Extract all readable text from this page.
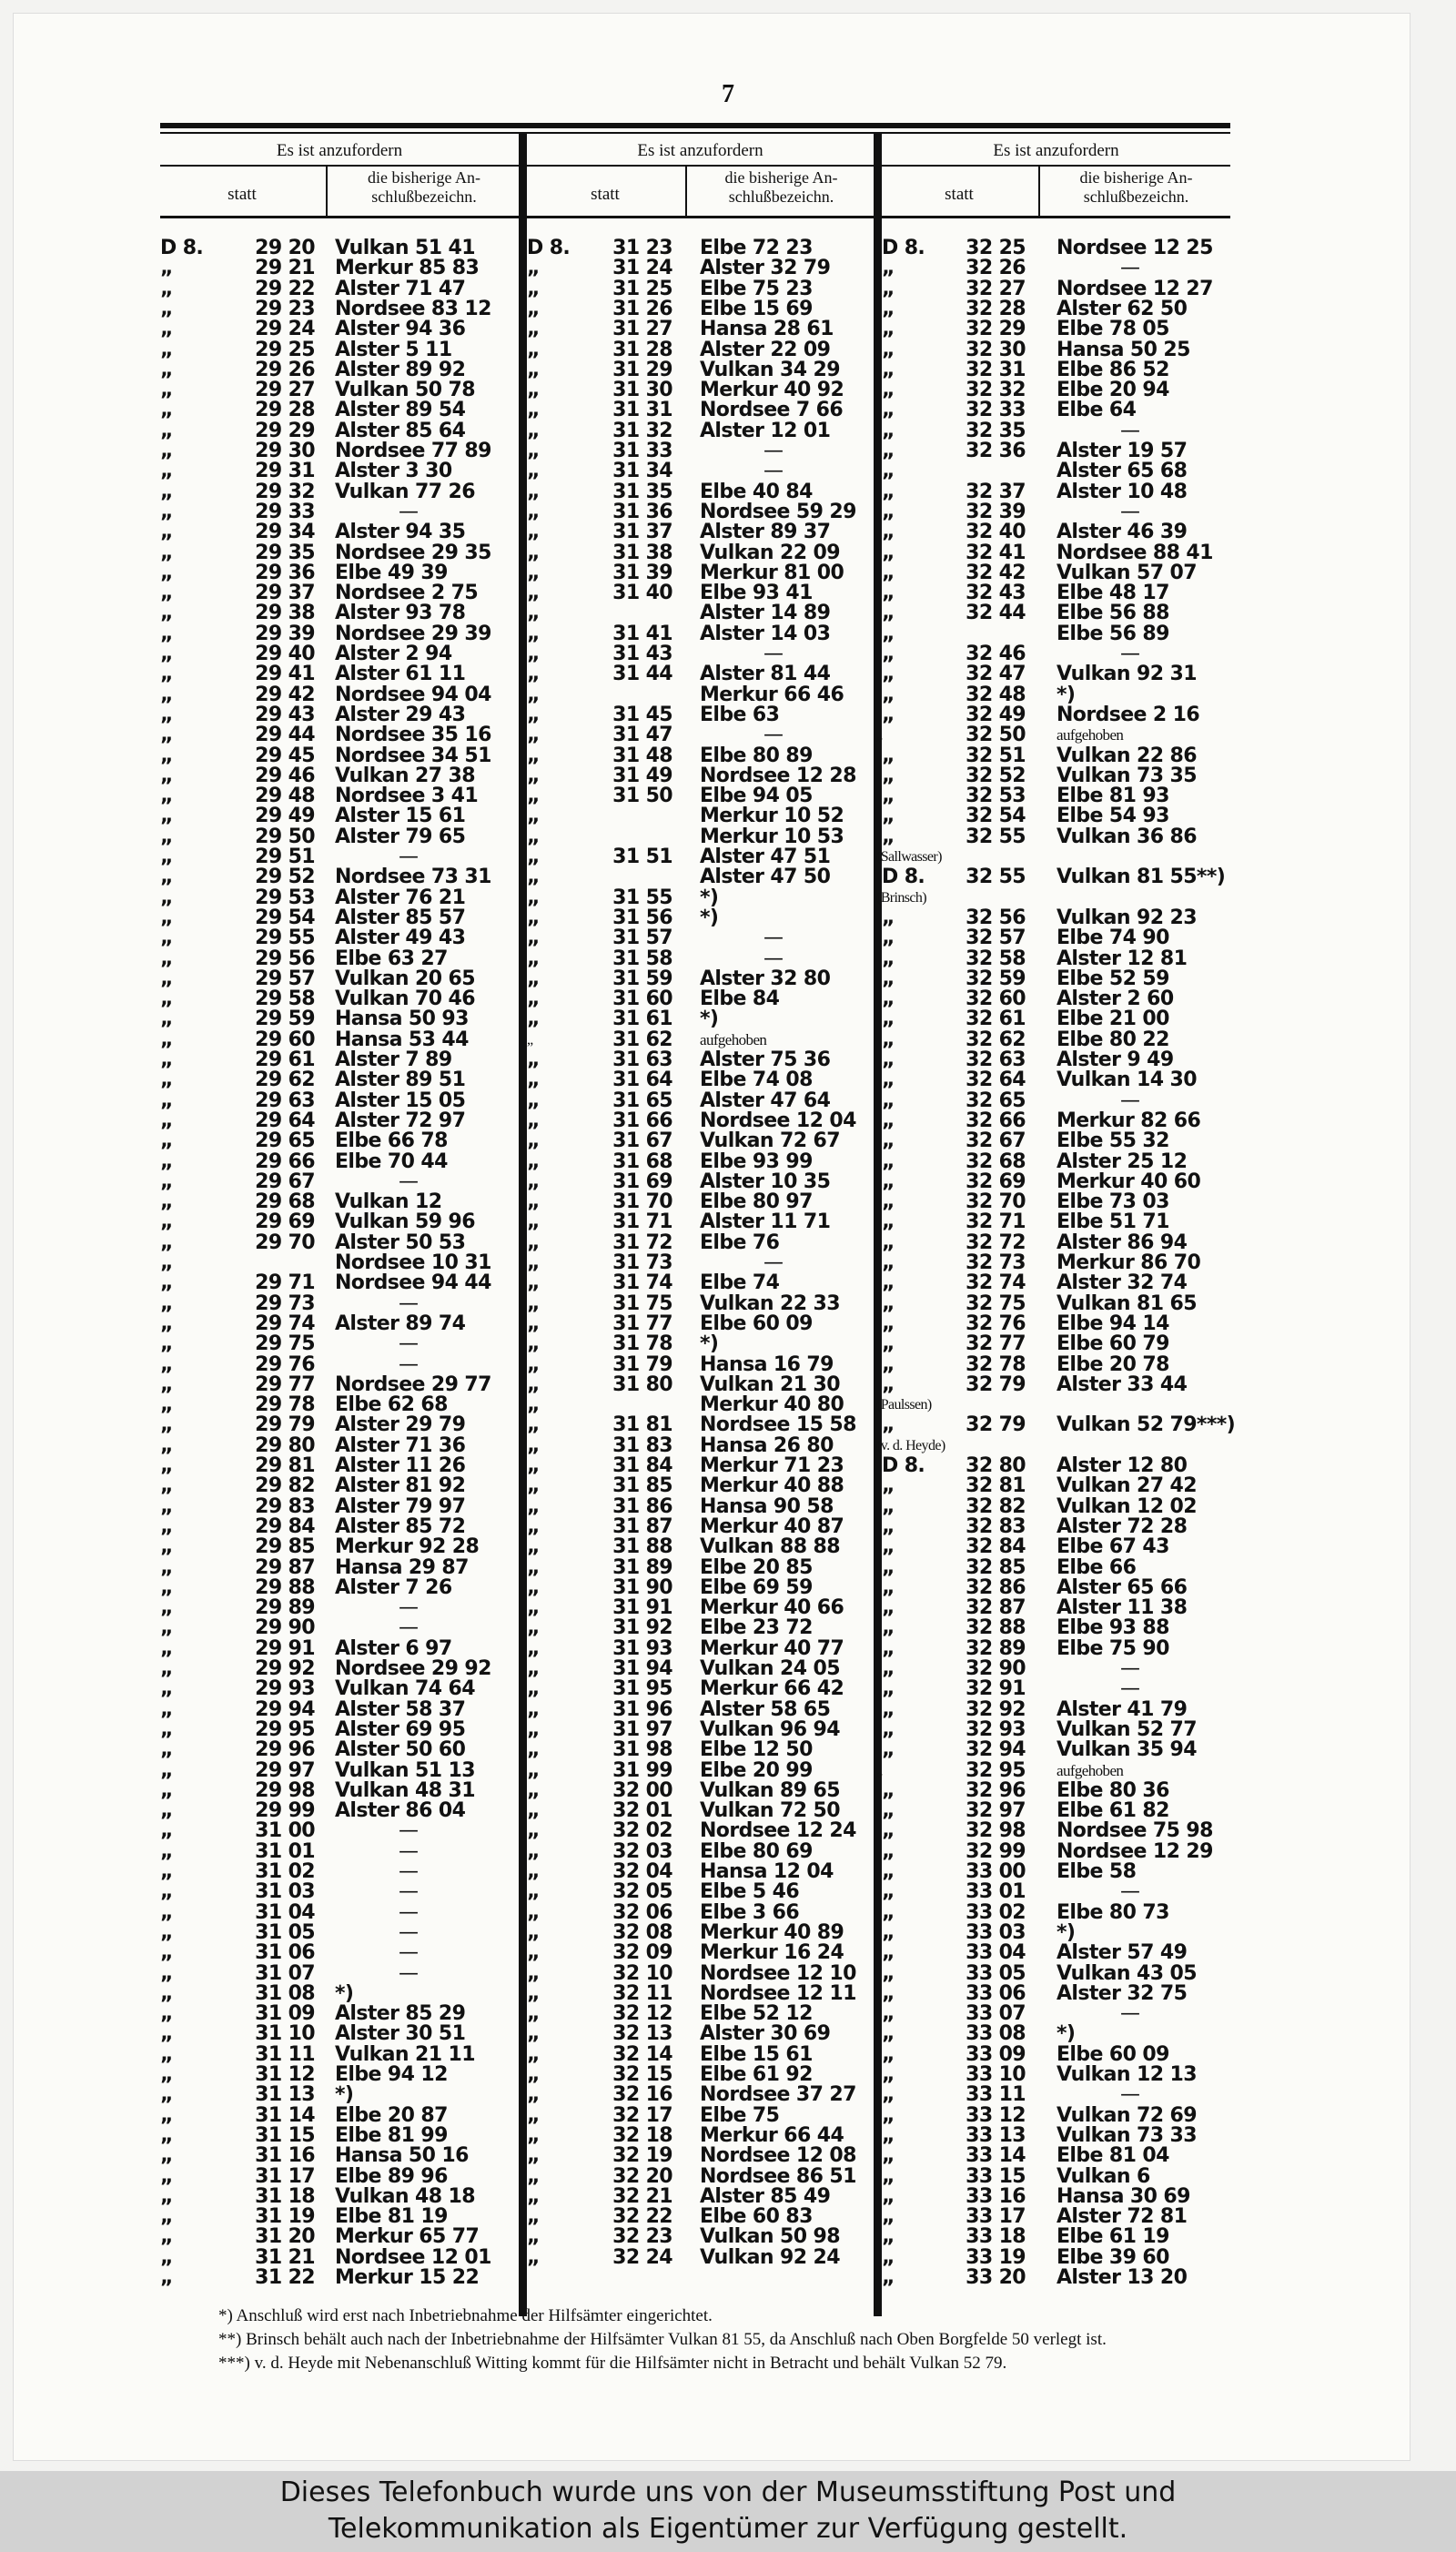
7
Es ist anzufordern
statt
die bisherige An-
schlußbezeichn.
D 8.	29 20 Vulkan 51 41
„	29 21 Merkur 85 83
„	29 22 Alster 71 47
„	29 23 Nordsee 83 12
„	29 24 Alster 94 36
„	29 25 Alster 5 11
„	29 26 Alster 89 92
„	29 27 Vulkan 50 78
„	29 28 Alster 89 54
„	29 29 Alster 85 64
„	29 30 Nordsee 77 89
„	29 31 Alster 3 30
„	29 32 Vulkan 77 26
„	29 33	—
„	29 34 Alster 94 35
„	29 35 Nordsee 29 35
„	29 36 Elbe 49 39
„	29 37 Nordsee 2 75
„	29 38 Alster 93 78
„	29 39 Nordsee 29 39
„	29 40 Alster 2 94
„	29 41 Alster 61 11
„	29 42 Nordsee 94 04
„	29 43 Alster 29 43
„	29 44 Nordsee 35 16
„	29 45 Nordsee 34 51
„	29 46 Vulkan 27 38
„	29 48 Nordsee 3 41
„	29 49 Alster 15 61
„	29 50 Alster 79 65
„	29 51	—
„	29 52 Nordsee 73 31
„	29 53 Alster 76 21
„	29 54 Alster 85 57
„	29 55 Alster 49 43
„	29 56 Elbe 63 27
„	29 57 Vulkan 20 65
„	29 58 Vulkan 70 46
„	29 59 Hansa 50 93
„	29 60 Hansa 53 44
„	29 61 Alster 7 89
„	29 62 Alster 89 51
„	29 63 Alster 15 05
„	29 64 Alster 72 97
„	29 65 Elbe 66 78
„	29 66 Elbe 70 44
„	29 67	—
„	29 68 Vulkan 12
„	29 69 Vulkan 59 96
„	29 70 Alster 50 53
„	Nordsee 10 31
„	29 71 Nordsee 94 44
„	29 73	—
„	29 74 Alster 89 74
„	29 75	—
„	29 76	—
„	29 77 Nordsee 29 77
„	29 78 Elbe 62 68
„	29 79 Alster 29 79
„	29 80 Alster 71 36
„	29 81 Alster 11 26
„	29 82 Alster 81 92
„	29 83 Alster 79 97
„	29 84 Alster 85 72
„	29 85 Merkur 92 28
„	29 87 Hansa 29 87
„	29 88 Alster 7 26
„	29 89	—
„	29 90	—
„	29 91 Alster 6 97
„	29 92 Nordsee 29 92
„	29 93 Vulkan 74 64
„	29 94 Alster 58 37
„	29 95 Alster 69 95
„	29 96 Alster 50 60
„	29 97 Vulkan 51 13
„	29 98 Vulkan 48 31
„	29 99 Alster 86 04
„	31 00	—
„	31 01	—
„	31 02	—
„	31 03	—
„	31 04	—
„	31 05	—
„	31 06	—
„	31 07	—
„	31 08 *)
„	31 09 Alster 85 29
„	31 10 Alster 30 51
„	31 11 Vulkan 21 11
„	31 12 Elbe 94 12
„	31 13 *)
„	31 14 Elbe 20 87
„	31 15 Elbe 81 99
„	31 16 Hansa 50 16
„	31 17 Elbe 89 96
„	31 18 Vulkan 48 18
„	31 19 Elbe 81 19
„	31 20 Merkur 65 77
„	31 21 Nordsee 12 01
„	31 22 Merkur 15 22
Es ist anzufordern
statt
die bisherige An-
schlußbezeichn.
D 8.	31 23 Elbe 72 23
„	31 24 Alster 32 79
„	31 25 Elbe 75 23
„	31 26 Elbe 15 69
„	31 27 Hansa 28 61
„	31 28 Alster 22 09
„	31 29 Vulkan 34 29
„	31 30 Merkur 40 92
„	31 31 Nordsee 7 66
„	31 32 Alster 12 01
„	31 33	—
„	31 34	—
„	31 35 Elbe 40 84
„	31 36 Nordsee 59 29
„	31 37 Alster 89 37
„	31 38 Vulkan 22 09
„	31 39 Merkur 81 00
„	31 40 Elbe 93 41
„	Alster 14 89
„	31 41 Alster 14 03
„	31 43	—
„	31 44 Alster 81 44
„	Merkur 66 46
„	31 45 Elbe 63
„	31 47	—
„	31 48 Elbe 80 89
„	31 49 Nordsee 12 28
„	31 50 Elbe 94 05
„	Merkur 10 52
„	Merkur 10 53
„	31 51 Alster 47 51
„	Alster 47 50
„	31 55 *)
„	31 56 *)
„	31 57	—
„	31 58	—
„	31 59 Alster 32 80
„	31 60 Elbe 84
„	31 61 *)
„	31 62 aufgehoben
„	31 63 Alster 75 36
„	31 64 Elbe 74 08
„	31 65 Alster 47 64
„	31 66 Nordsee 12 04
„	31 67 Vulkan 72 67
„	31 68 Elbe 93 99
„	31 69 Alster 10 35
„	31 70 Elbe 80 97
„	31 71 Alster 11 71
„	31 72 Elbe 76
„	31 73	—
„	31 74 Elbe 74
„	31 75 Vulkan 22 33
„	31 77 Elbe 60 09
„	31 78 *)
„	31 79 Hansa 16 79
„	31 80 Vulkan 21 30
„	Merkur 40 80
„	31 81 Nordsee 15 58
„	31 83 Hansa 26 80
„	31 84 Merkur 71 23
„	31 85 Merkur 40 88
„	31 86 Hansa 90 58
„	31 87 Merkur 40 87
„	31 88 Vulkan 88 88
„	31 89 Elbe 20 85
„	31 90 Elbe 69 59
„	31 91 Merkur 40 66
„	31 92 Elbe 23 72
„	31 93 Merkur 40 77
„	31 94 Vulkan 24 05
„	31 95 Merkur 66 42
„	31 96 Alster 58 65
„	31 97 Vulkan 96 94
„	31 98 Elbe 12 50
„	31 99 Elbe 20 99
„	32 00 Vulkan 89 65
„	32 01 Vulkan 72 50
„	32 02 Nordsee 12 24
„	32 03 Elbe 80 69
„	32 04 Hansa 12 04
„	32 05 Elbe 5 46
„	32 06 Elbe 3 66
„	32 08 Merkur 40 89
„	32 09 Merkur 16 24
„	32 10 Nordsee 12 10
„	32 11 Nordsee 12 11
„	32 12 Elbe 52 12
„	32 13 Alster 30 69
„	32 14 Elbe 15 61
„	32 15 Elbe 61 92
„	32 16 Nordsee 37 27
„	32 17 Elbe 75
„	32 18 Merkur 66 44
„	32 19 Nordsee 12 08
„	32 20 Nordsee 86 51
„	32 21 Alster 85 49
„	32 22 Elbe 60 83
„	32 23 Vulkan 50 98
„	32 24 Vulkan 92 24
Es ist anzufordern
statt
die bisherige An-
schlußbezeichn.
D 8.	32 25 Nordsee 12 25
„	32 26	—
„	32 27 Nordsee 12 27
„	32 28 Alster 62 50
„	32 29 Elbe 78 05
„	32 30 Hansa 50 25
„	32 31 Elbe 86 52
„	32 32 Elbe 20 94
„	32 33 Elbe 64
„	32 35	—
„	32 36 Alster 19 57
„	Alster 65 68
„	32 37 Alster 10 48
„	32 39	—
„	32 40 Alster 46 39
„	32 41 Nordsee 88 41
„	32 42 Vulkan 57 07
„	32 43 Elbe 48 17
„	32 44 Elbe 56 88
„	Elbe 56 89
„	32 46	—
„	32 47 Vulkan 92 31
„	32 48 *)
„	32 49 Nordsee 2 16
„	32 50 aufgehoben
„	32 51 Vulkan 22 86
„	32 52 Vulkan 73 35
„	32 53 Elbe 81 93
„	32 54 Elbe 54 93
„	32 55 Vulkan 36 86
(Sallwasser)
D 8.	32 55 Vulkan 81 55**)
(Brinsch)
„	32 56 Vulkan 92 23
„	32 57 Elbe 74 90
„	32 58 Alster 12 81
„	32 59 Elbe 52 59
„	32 60 Alster 2 60
„	32 61 Elbe 21 00
„	32 62 Elbe 80 22
„	32 63 Alster 9 49
„	32 64 Vulkan 14 30
„	32 65	—
„	32 66 Merkur 82 66
„	32 67 Elbe 55 32
„	32 68 Alster 25 12
„	32 69 Merkur 40 60
„	32 70 Elbe 73 03
„	32 71 Elbe 51 71
„	32 72 Alster 86 94
„	32 73 Merkur 86 70
„	32 74 Alster 32 74
„	32 75 Vulkan 81 65
„	32 76 Elbe 94 14
„	32 77 Elbe 60 79
„	32 78 Elbe 20 78
„	32 79 Alster 33 44
(Paulssen)
„	32 79 Vulkan 52 79***)
(v. d. Heyde)
D 8.	32 80 Alster 12 80
„	32 81 Vulkan 27 42
„	32 82 Vulkan 12 02
„	32 83 Alster 72 28
„	32 84 Elbe 67 43
„	32 85 Elbe 66
„	32 86 Alster 65 66
„	32 87 Alster 11 38
„	32 88 Elbe 93 88
„	32 89 Elbe 75 90
„	32 90	—
„	32 91	—
„	32 92 Alster 41 79
„	32 93 Vulkan 52 77
„	32 94 Vulkan 35 94
„	32 95 aufgehoben
„	32 96 Elbe 80 36
„	32 97 Elbe 61 82
„	32 98 Nordsee 75 98
„	32 99 Nordsee 12 29
„	33 00 Elbe 58
„	33 01	—
„	33 02 Elbe 80 73
„	33 03 *)
„	33 04 Alster 57 49
„	33 05 Vulkan 43 05
„	33 06 Alster 32 75
„	33 07	—
„	33 08 *)
„	33 09 Elbe 60 09
„	33 10 Vulkan 12 13
„	33 11	—
„	33 12 Vulkan 72 69
„	33 13 Vulkan 73 33
„	33 14 Elbe 81 04
„	33 15 Vulkan 6
„	33 16 Hansa 30 69
„	33 17 Alster 72 81
„	33 18 Elbe 61 19
„	33 19 Elbe 39 60
„	33 20 Alster 13 20
*) Anschluß wird erst nach Inbetriebnahme der Hilfsämter eingerichtet.
**) Brinsch behält auch nach der Inbetriebnahme der Hilfsämter Vulkan 81 55, da Anschluß nach Oben Borgfelde 50 verlegt ist.
***) v. d. Heyde mit Nebenanschluß Witting kommt für die Hilfsämter nicht in Betracht und behält Vulkan 52 79.
Dieses Telefonbuch wurde uns von der Museumsstiftung Post und
Telekommunikation als Eigentümer zur Verfügung gestellt.
